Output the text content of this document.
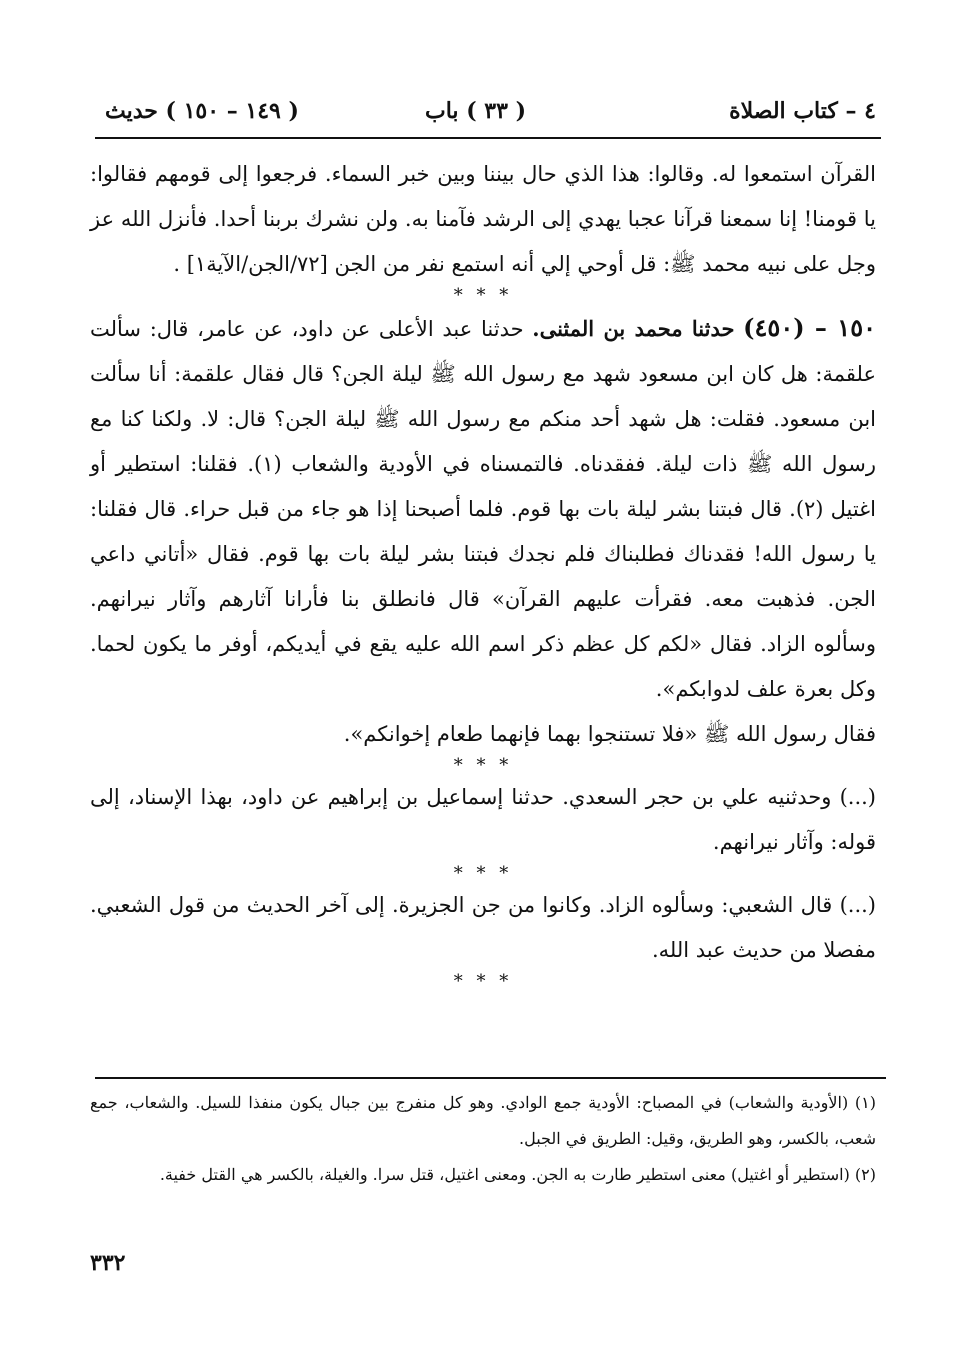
٤ – كتاب الصلاة
( ٣٣ ) باب
( ١٤٩ – ١٥٠ ) حديث

القرآن استمعوا له. وقالوا: هذا الذي حال بيننا وبين خبر السماء. فرجعوا إلى قومهم فقالوا: يا قومنا! إنا سمعنا قرآنا عجبا يهدي إلى الرشد فآمنا به. ولن نشرك بربنا أحدا. فأنزل الله عز وجل على نبيه محمد ﷺ: قل أوحي إلي أنه استمع نفر من الجن [٧٢/الجن/الآية١] .

* * *

١٥٠ – (٤٥٠) حدثنا محمد بن المثنى. حدثنا عبد الأعلى عن داود، عن عامر، قال: سألت علقمة: هل كان ابن مسعود شهد مع رسول الله ﷺ ليلة الجن؟ قال فقال علقمة: أنا سألت ابن مسعود. فقلت: هل شهد أحد منكم مع رسول الله ﷺ ليلة الجن؟ قال: لا. ولكنا كنا مع رسول الله ﷺ ذات ليلة. ففقدناه. فالتمسناه في الأودية والشعاب (١). فقلنا: استطير أو اغتيل (٢). قال فبتنا بشر ليلة بات بها قوم. فلما أصبحنا إذا هو جاء من قبل حراء. قال فقلنا: يا رسول الله! فقدناك فطلبناك فلم نجدك فبتنا بشر ليلة بات بها قوم. فقال «أتاني داعي الجن. فذهبت معه. فقرأت عليهم القرآن» قال فانطلق بنا فأرانا آثارهم وآثار نيرانهم. وسألوه الزاد. فقال «لكم كل عظم ذكر اسم الله عليه يقع في أيديكم، أوفر ما يكون لحما. وكل بعرة علف لدوابكم».

فقال رسول الله ﷺ «فلا تستنجوا بهما فإنهما طعام إخوانكم».

* * *

(...) وحدثنيه علي بن حجر السعدي. حدثنا إسماعيل بن إبراهيم عن داود، بهذا الإسناد، إلى قوله: وآثار نيرانهم.

* * *

(...) قال الشعبي: وسألوه الزاد. وكانوا من جن الجزيرة. إلى آخر الحديث من قول الشعبي. مفصلا من حديث عبد الله.

* * *

(١) (الأودية والشعاب) في المصباح: الأودية جمع الوادي. وهو كل منفرج بين جبال يكون منفذا للسيل. والشعاب، جمع شعب، بالكسر، وهو الطريق، وقيل: الطريق في الجبل.

(٢) (استطير أو اغتيل) معنى استطير طارت به الجن. ومعنى اغتيل، قتل سرا. والغيلة، بالكسر هي القتل خفية.

٣٣٢
